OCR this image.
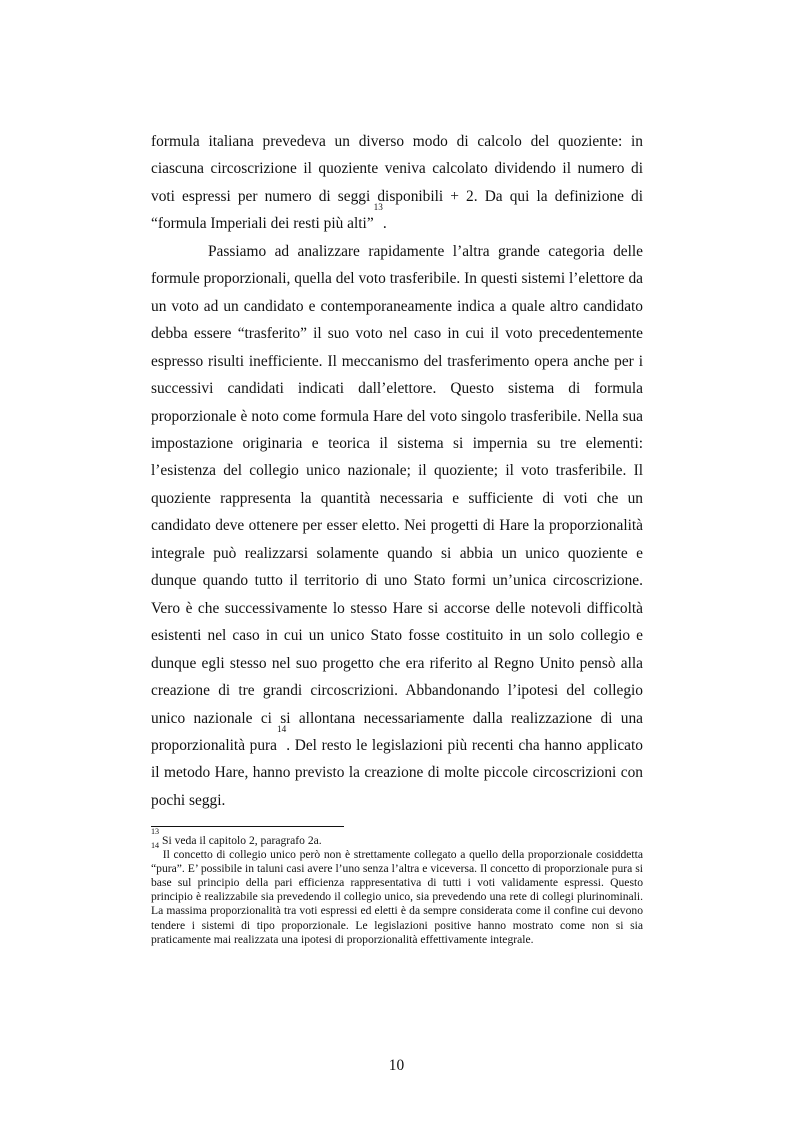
formula italiana prevedeva un diverso modo di calcolo del quoziente: in ciascuna circoscrizione il quoziente veniva calcolato dividendo il numero di voti espressi per numero di seggi disponibili + 2. Da qui la definizione di “formula Imperiali dei resti più alti”$^{13}$.

Passiamo ad analizzare rapidamente l’altra grande categoria delle formule proporzionali, quella del voto trasferibile. In questi sistemi l’elettore da un voto ad un candidato e contemporaneamente indica a quale altro candidato debba essere “trasferito” il suo voto nel caso in cui il voto precedentemente espresso risulti inefficiente. Il meccanismo del trasferimento opera anche per i successivi candidati indicati dall’elettore. Questo sistema di formula proporzionale è noto come formula Hare del voto singolo trasferibile. Nella sua impostazione originaria e teorica il sistema si impernia su tre elementi: l’esistenza del collegio unico nazionale; il quoziente; il voto trasferibile. Il quoziente rappresenta la quantità necessaria e sufficiente di voti che un candidato deve ottenere per esser eletto. Nei progetti di Hare la proporzionalità integrale può realizzarsi solamente quando si abbia un unico quoziente e dunque quando tutto il territorio di uno Stato formi un’unica circoscrizione. Vero è che successivamente lo stesso Hare si accorse delle notevoli difficoltà esistenti nel caso in cui un unico Stato fosse costituito in un solo collegio e dunque egli stesso nel suo progetto che era riferito al Regno Unito pensò alla creazione di tre grandi circoscrizioni. Abbandonando l’ipotesi del collegio unico nazionale ci si allontana necessariamente dalla realizzazione di una proporzionalità pura$^{14}$. Del resto le legislazioni più recenti cha hanno applicato il metodo Hare, hanno previsto la creazione di molte piccole circoscrizioni con pochi seggi.

$^{13}$ Si veda il capitolo 2, paragrafo 2a.

$^{14}$ Il concetto di collegio unico però non è strettamente collegato a quello della proporzionale cosiddetta “pura”. E’ possibile in taluni casi avere l’uno senza l’altra e viceversa. Il concetto di proporzionale pura si base sul principio della pari efficienza rappresentativa di tutti i voti validamente espressi. Questo principio è realizzabile sia prevedendo il collegio unico, sia prevedendo una rete di collegi plurinominali. La massima proporzionalità tra voti espressi ed eletti è da sempre considerata come il confine cui devono tendere i sistemi di tipo proporzionale. Le legislazioni positive hanno mostrato come non si sia praticamente mai realizzata una ipotesi di proporzionalità effettivamente integrale.

10
